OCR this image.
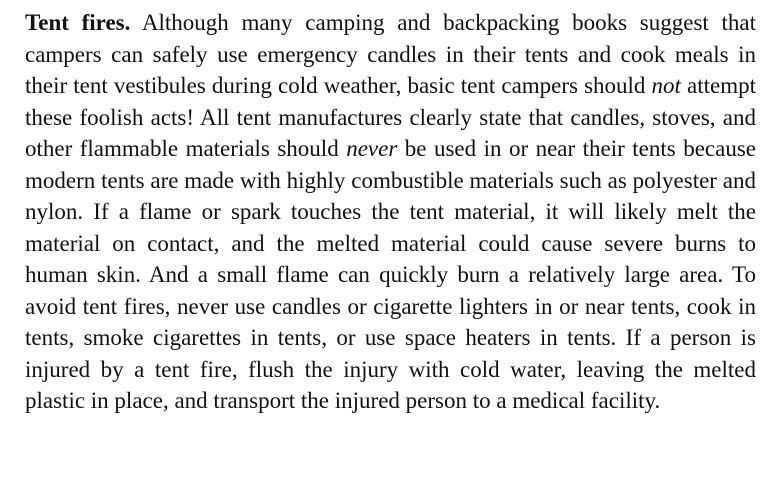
Tent fires. Although many camping and backpacking books suggest that campers can safely use emergency candles in their tents and cook meals in their tent vestibules during cold weather, basic tent campers should not attempt these foolish acts! All tent manufactures clearly state that candles, stoves, and other flammable materials should never be used in or near their tents because modern tents are made with highly combustible materials such as polyester and nylon. If a flame or spark touches the tent material, it will likely melt the material on contact, and the melted material could cause severe burns to human skin. And a small flame can quickly burn a relatively large area. To avoid tent fires, never use candles or cigarette lighters in or near tents, cook in tents, smoke cigarettes in tents, or use space heaters in tents. If a person is injured by a tent fire, flush the injury with cold water, leaving the melted plastic in place, and transport the injured person to a medical facility.
